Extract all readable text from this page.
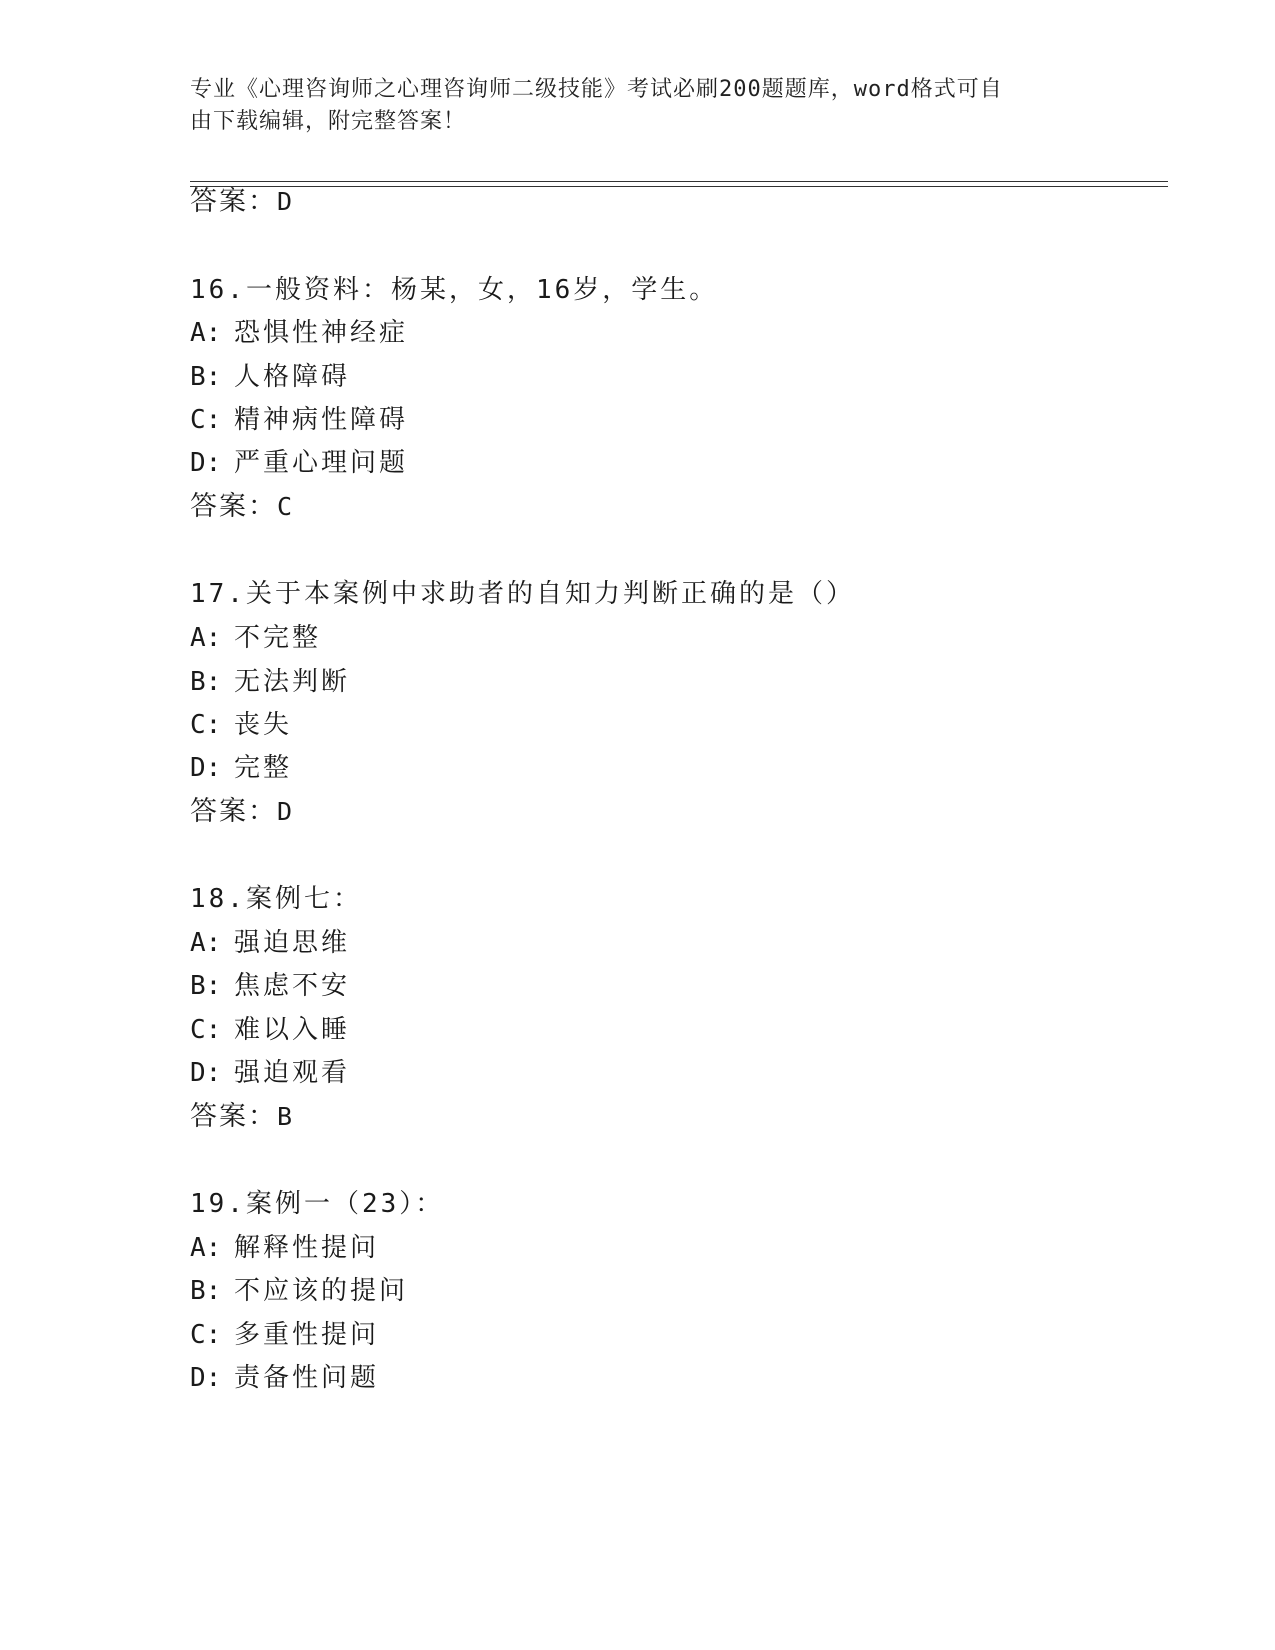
专业《心理咨询师之心理咨询师二级技能》考试必刷200题题库，word格式可自
由下载编辑，附完整答案！
答案：D
16.一般资料：杨某，女，16岁，学生。
A: 恐惧性神经症
B: 人格障碍
C: 精神病性障碍
D: 严重心理问题
答案：C
17.关于本案例中求助者的自知力判断正确的是（）
A: 不完整
B: 无法判断
C: 丧失
D: 完整
答案：D
18.案例七：
A: 强迫思维
B: 焦虑不安
C: 难以入睡
D: 强迫观看
答案：B
19.案例一（23）：
A: 解释性提问
B: 不应该的提问
C: 多重性提问
D: 责备性问题
